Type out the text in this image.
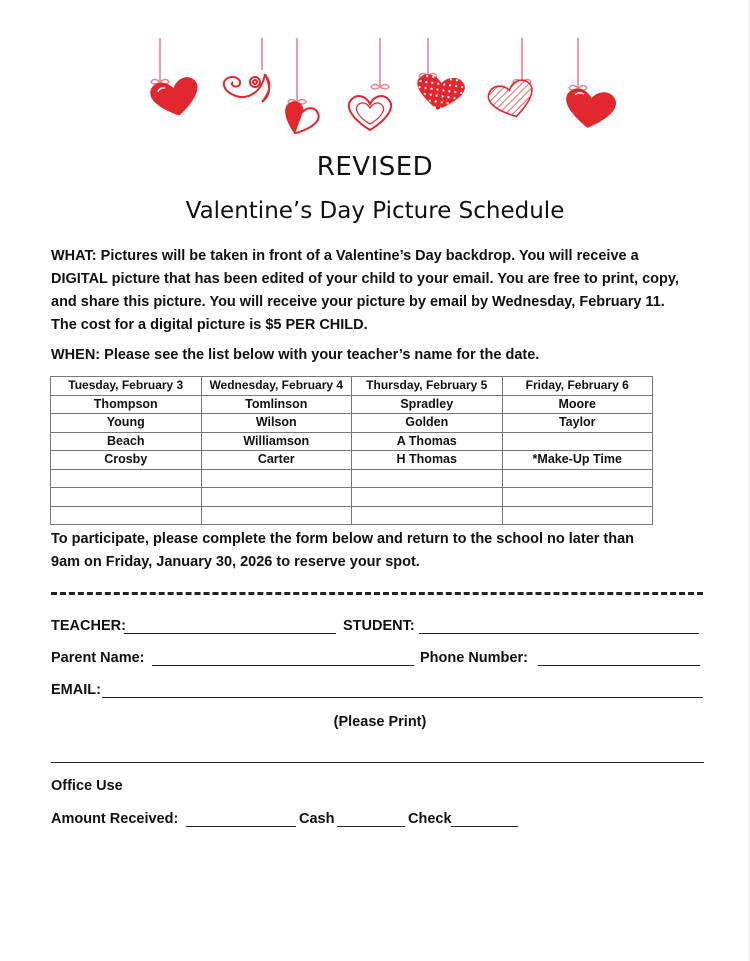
REVISED
Valentine’s Day Picture Schedule
WHAT: Pictures will be taken in front of a Valentine’s Day backdrop. You will receive a
DIGITAL picture that has been edited of your child to your email. You are free to print, copy,
and share this picture. You will receive your picture by email by Wednesday, February 11.
The cost for a digital picture is $5 PER CHILD.
WHEN: Please see the list below with your teacher’s name for the date.
Tuesday, February 3	Wednesday, February 4	Thursday, February 5	Friday, February 6
Thompson	Tomlinson	Spradley	Moore
Young	Wilson	Golden	Taylor
Beach	Williamson	A Thomas	
Crosby	Carter	H Thomas	*Make-Up Time

To participate, please complete the form below and return to the school no later than
9am on Friday, January 30, 2026 to reserve your spot.
TEACHER:	STUDENT:
Parent Name:	Phone Number:
EMAIL:
(Please Print)
Office Use
Amount Received:	Cash	Check
